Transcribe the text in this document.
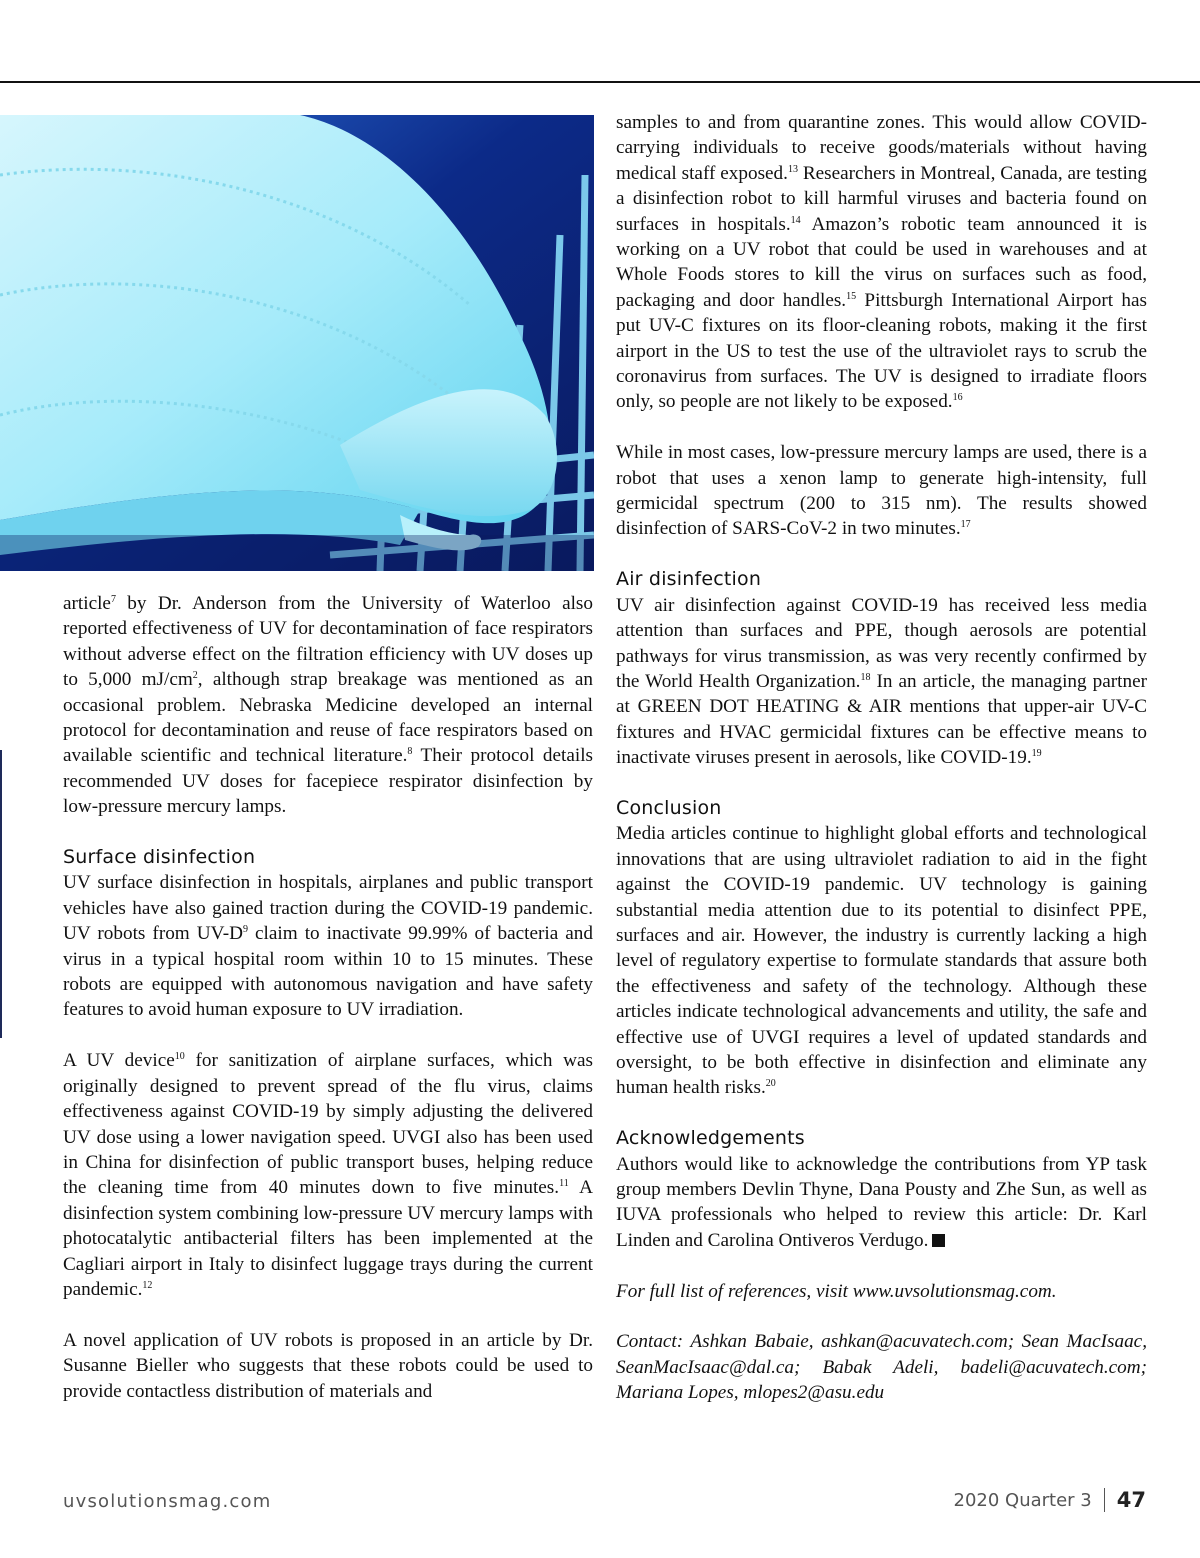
article$^7$ by Dr. Anderson from the University of Waterloo also reported effectiveness of UV for decontamination of face respirators without adverse effect on the filtration efficiency with UV doses up to 5,000 $mJ/cm^2$, although strap breakage was mentioned as an occasional problem. Nebraska Medicine developed an internal protocol for decontamination and reuse of face respirators based on available scientific and technical literature.$^8$ Their protocol details recommended UV doses for facepiece respirator disinfection by low-pressure mercury lamps.

Surface disinfection

UV surface disinfection in hospitals, airplanes and public transport vehicles have also gained traction during the COVID-19 pandemic. UV robots from $UV-D^9$ claim to inactivate 99.99% of bacteria and virus in a typical hospital room within 10 to 15 minutes. These robots are equipped with autonomous navigation and have safety features to avoid human exposure to UV irradiation.

A UV device$^{10}$ for sanitization of airplane surfaces, which was originally designed to prevent spread of the flu virus, claims effectiveness against COVID-19 by simply adjusting the delivered UV dose using a lower navigation speed. UVGI also has been used in China for disinfection of public transport buses, helping reduce the cleaning time from 40 minutes down to five minutes.$^{11}$ A disinfection system combining low-pressure UV mercury lamps with photocatalytic antibacterial filters has been implemented at the Cagliari airport in Italy to disinfect luggage trays during the current pandemic.$^{12}$

A novel application of UV robots is proposed in an article by Dr. Susanne Bieller who suggests that these robots could be used to provide contactless distribution of materials and

samples to and from quarantine zones. This would allow COVID-carrying individuals to receive goods/materials without having medical staff exposed.$^{13}$ Researchers in Montreal, Canada, are testing a disinfection robot to kill harmful viruses and bacteria found on surfaces in hospitals.$^{14}$ Amazon’s robotic team announced it is working on a UV robot that could be used in warehouses and at Whole Foods stores to kill the virus on surfaces such as food, packaging and door handles.$^{15}$ Pittsburgh International Airport has put UV-C fixtures on its floor-cleaning robots, making it the first airport in the US to test the use of the ultraviolet rays to scrub the coronavirus from surfaces. The UV is designed to irradiate floors only, so people are not likely to be exposed.$^{16}$

While in most cases, low-pressure mercury lamps are used, there is a robot that uses a xenon lamp to generate high-intensity, full germicidal spectrum (200 to 315 nm). The results showed disinfection of SARS-CoV-2 in two minutes.$^{17}$

Air disinfection

UV air disinfection against COVID-19 has received less media attention than surfaces and PPE, though aerosols are potential pathways for virus transmission, as was very recently confirmed by the World Health Organization.$^{18}$ In an article, the managing partner at GREEN DOT HEATING & AIR mentions that upper-air UV-C fixtures and HVAC germicidal fixtures can be effective means to inactivate viruses present in aerosols, like COVID-19.19

Conclusion

Media articles continue to highlight global efforts and technological innovations that are using ultraviolet radiation to aid in the fight against the COVID-19 pandemic. UV technology is gaining substantial media attention due to its potential to disinfect PPE, surfaces and air. However, the industry is currently lacking a high level of regulatory expertise to formulate standards that assure both the effectiveness and safety of the technology. Although these articles indicate technological advancements and utility, the safe and effective use of UVGI requires a level of updated standards and oversight, to be both effective in disinfection and eliminate any human health risks.$^{20}$

Acknowledgements

Authors would like to acknowledge the contributions from YP task group members Devlin Thyne, Dana Pousty and Zhe Sun, as well as IUVA professionals who helped to review this article: Dr. Karl Linden and Carolina Ontiveros Verdugo.

For full list of references, visit www.uvsolutionsmag.com.

Contact: Ashkan Babaie, ashkan@acuvatech.com; Sean MacIsaac, SeanMacIsaac@dal.ca; Babak Adeli, badeli@acuvatech.com; Mariana Lopes, mlopes2@asu.edu

uvsolutionsmag.com	2020 Quarter 3 47
